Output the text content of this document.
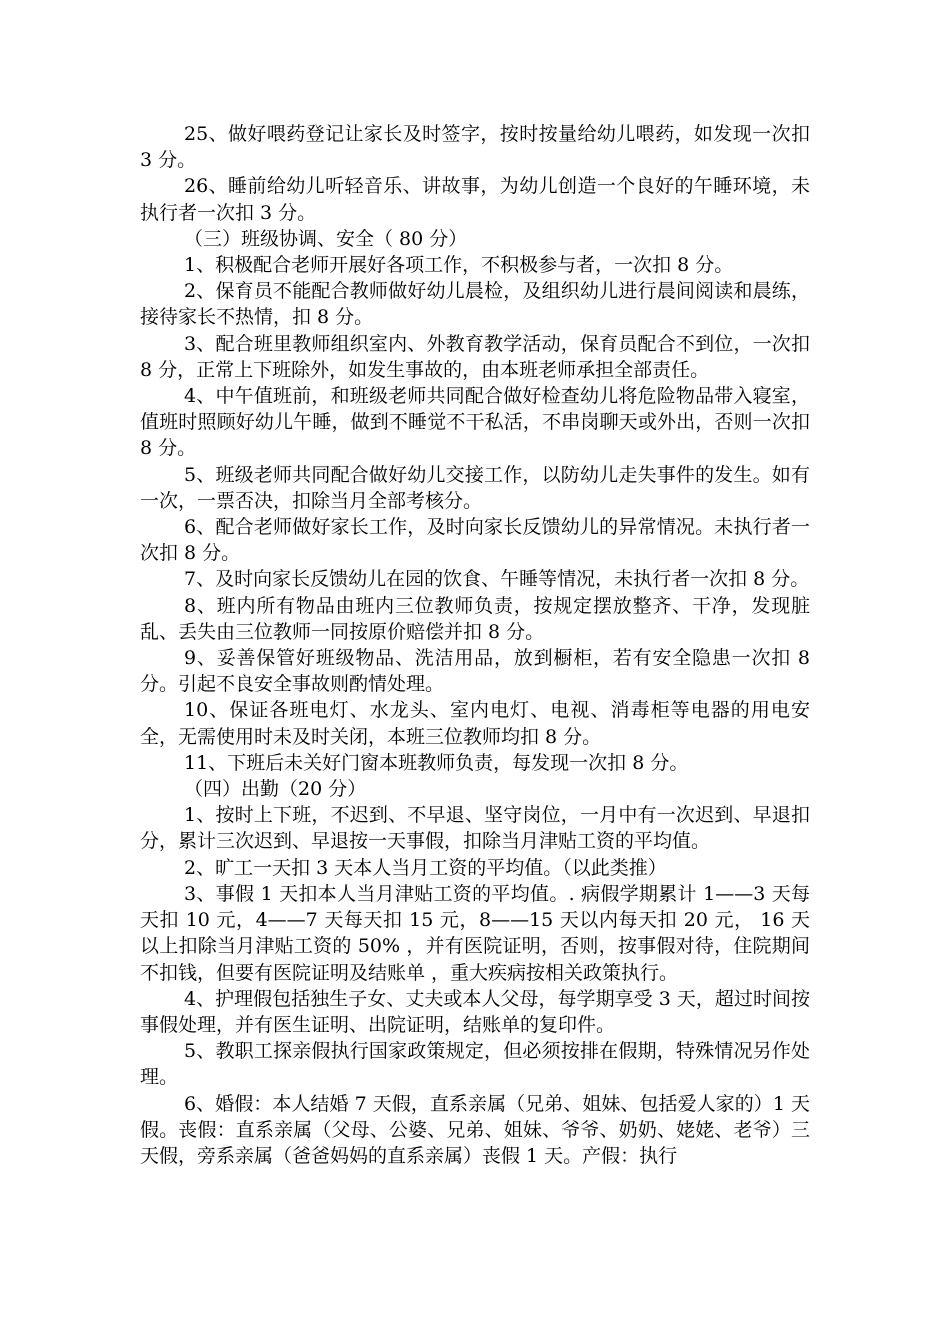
25、做好喂药登记让家长及时签字，按时按量给幼儿喂药，如发现一次扣 3 分。

26、睡前给幼儿听轻音乐、讲故事，为幼儿创造一个良好的午睡环境，未执行者一次扣 3 分。

（三）班级协调、安全（ 80 分）

1、积极配合老师开展好各项工作，不积极参与者，一次扣 8 分。

2、保育员不能配合教师做好幼儿晨检，及组织幼儿进行晨间阅读和晨练，接待家长不热情，扣 8 分。

3、配合班里教师组织室内、外教育教学活动，保育员配合不到位，一次扣 8 分，正常上下班除外，如发生事故的，由本班老师承担全部责任。

4、中午值班前，和班级老师共同配合做好检查幼儿将危险物品带入寝室，值班时照顾好幼儿午睡，做到不睡觉不干私活，不串岗聊天或外出，否则一次扣 8 分。

5、班级老师共同配合做好幼儿交接工作，以防幼儿走失事件的发生。如有一次，一票否决，扣除当月全部考核分。

6、配合老师做好家长工作，及时向家长反馈幼儿的异常情况。未执行者一次扣 8 分。

7、及时向家长反馈幼儿在园的饮食、午睡等情况，未执行者一次扣 8 分。

8、班内所有物品由班内三位教师负责，按规定摆放整齐、干净，发现脏乱、丢失由三位教师一同按原价赔偿并扣 8 分。

9、妥善保管好班级物品、洗洁用品，放到橱柜，若有安全隐患一次扣 8 分。引起不良安全事故则酌情处理。

10、保证各班电灯、水龙头、室内电灯、电视、消毒柜等电器的用电安全，无需使用时未及时关闭，本班三位教师均扣 8 分。

11、下班后未关好门窗本班教师负责，每发现一次扣 8 分。

（四）出勤（20 分）

1、按时上下班，不迟到、不早退、坚守岗位，一月中有一次迟到、早退扣 分，累计三次迟到、早退按一天事假，扣除当月津贴工资的平均值。

2、旷工一天扣 3 天本人当月工资的平均值。（以此类推）

3、事假 1 天扣本人当月津贴工资的平均值。. 病假学期累计 1——3 天每天扣 10 元，4——7 天每天扣 15 元，8——15 天以内每天扣 20 元， 16 天以上扣除当月津贴工资的 50% ，并有医院证明，否则，按事假对待，住院期间不扣钱，但要有医院证明及结账单 ，重大疾病按相关政策执行。

4、护理假包括独生子女、丈夫或本人父母，每学期享受 3 天，超过时间按事假处理，并有医生证明、出院证明，结账单的复印件。

5、教职工探亲假执行国家政策规定，但必须按排在假期，特殊情况另作处理。

6、婚假：本人结婚 7 天假，直系亲属（兄弟、姐妹、包括爱人家的）1 天假。丧假：直系亲属（父母、公婆、兄弟、姐妹、爷爷、奶奶、姥姥、老爷）三天假，旁系亲属（爸爸妈妈的直系亲属）丧假 1 天。产假：执行
